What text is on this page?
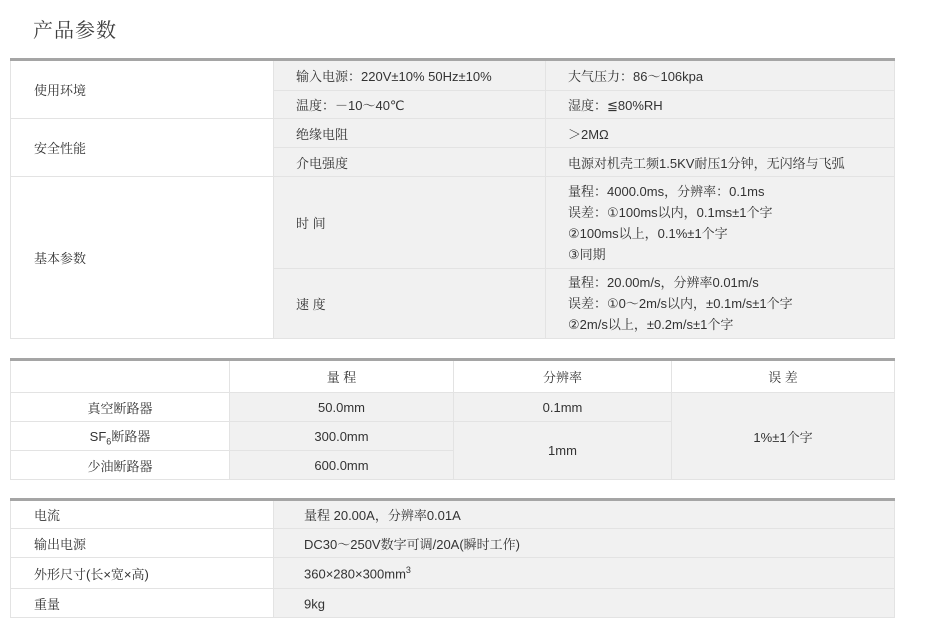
产品参数
使用环境	输入电源：220V±10% 50Hz±10%	大气压力：86～106kpa
	温度：－10～40℃	湿度：≦80%RH
安全性能	绝缘电阻	＞2MΩ
	介电强度	电源对机壳工频1.5KV耐压1分钟，无闪络与飞弧
基本参数	时 间	量程：4000.0ms，分辨率：0.1ms
误差：①100ms以内，0.1ms±1个字
②100ms以上，0.1%±1个字
③同期

	速 度	量程：20.00m/s，分辨率0.01m/s
误差：①0～2m/s以内，±0.1m/s±1个字
②2m/s以上，±0.2m/s±1个字
	量 程	分辨率	误 差
真空断路器	50.0mm	0.1mm	1%±1个字
$SF_6$断路器	300.0mm	1mm	
少油断路器	600.0mm		
电流	量程 20.00A，分辨率0.01A
输出电源	DC30～250V数字可调/20A(瞬时工作)
外形尺寸(长×宽×高)	$360\times 280\times 300mm^3$
重量	9kg
